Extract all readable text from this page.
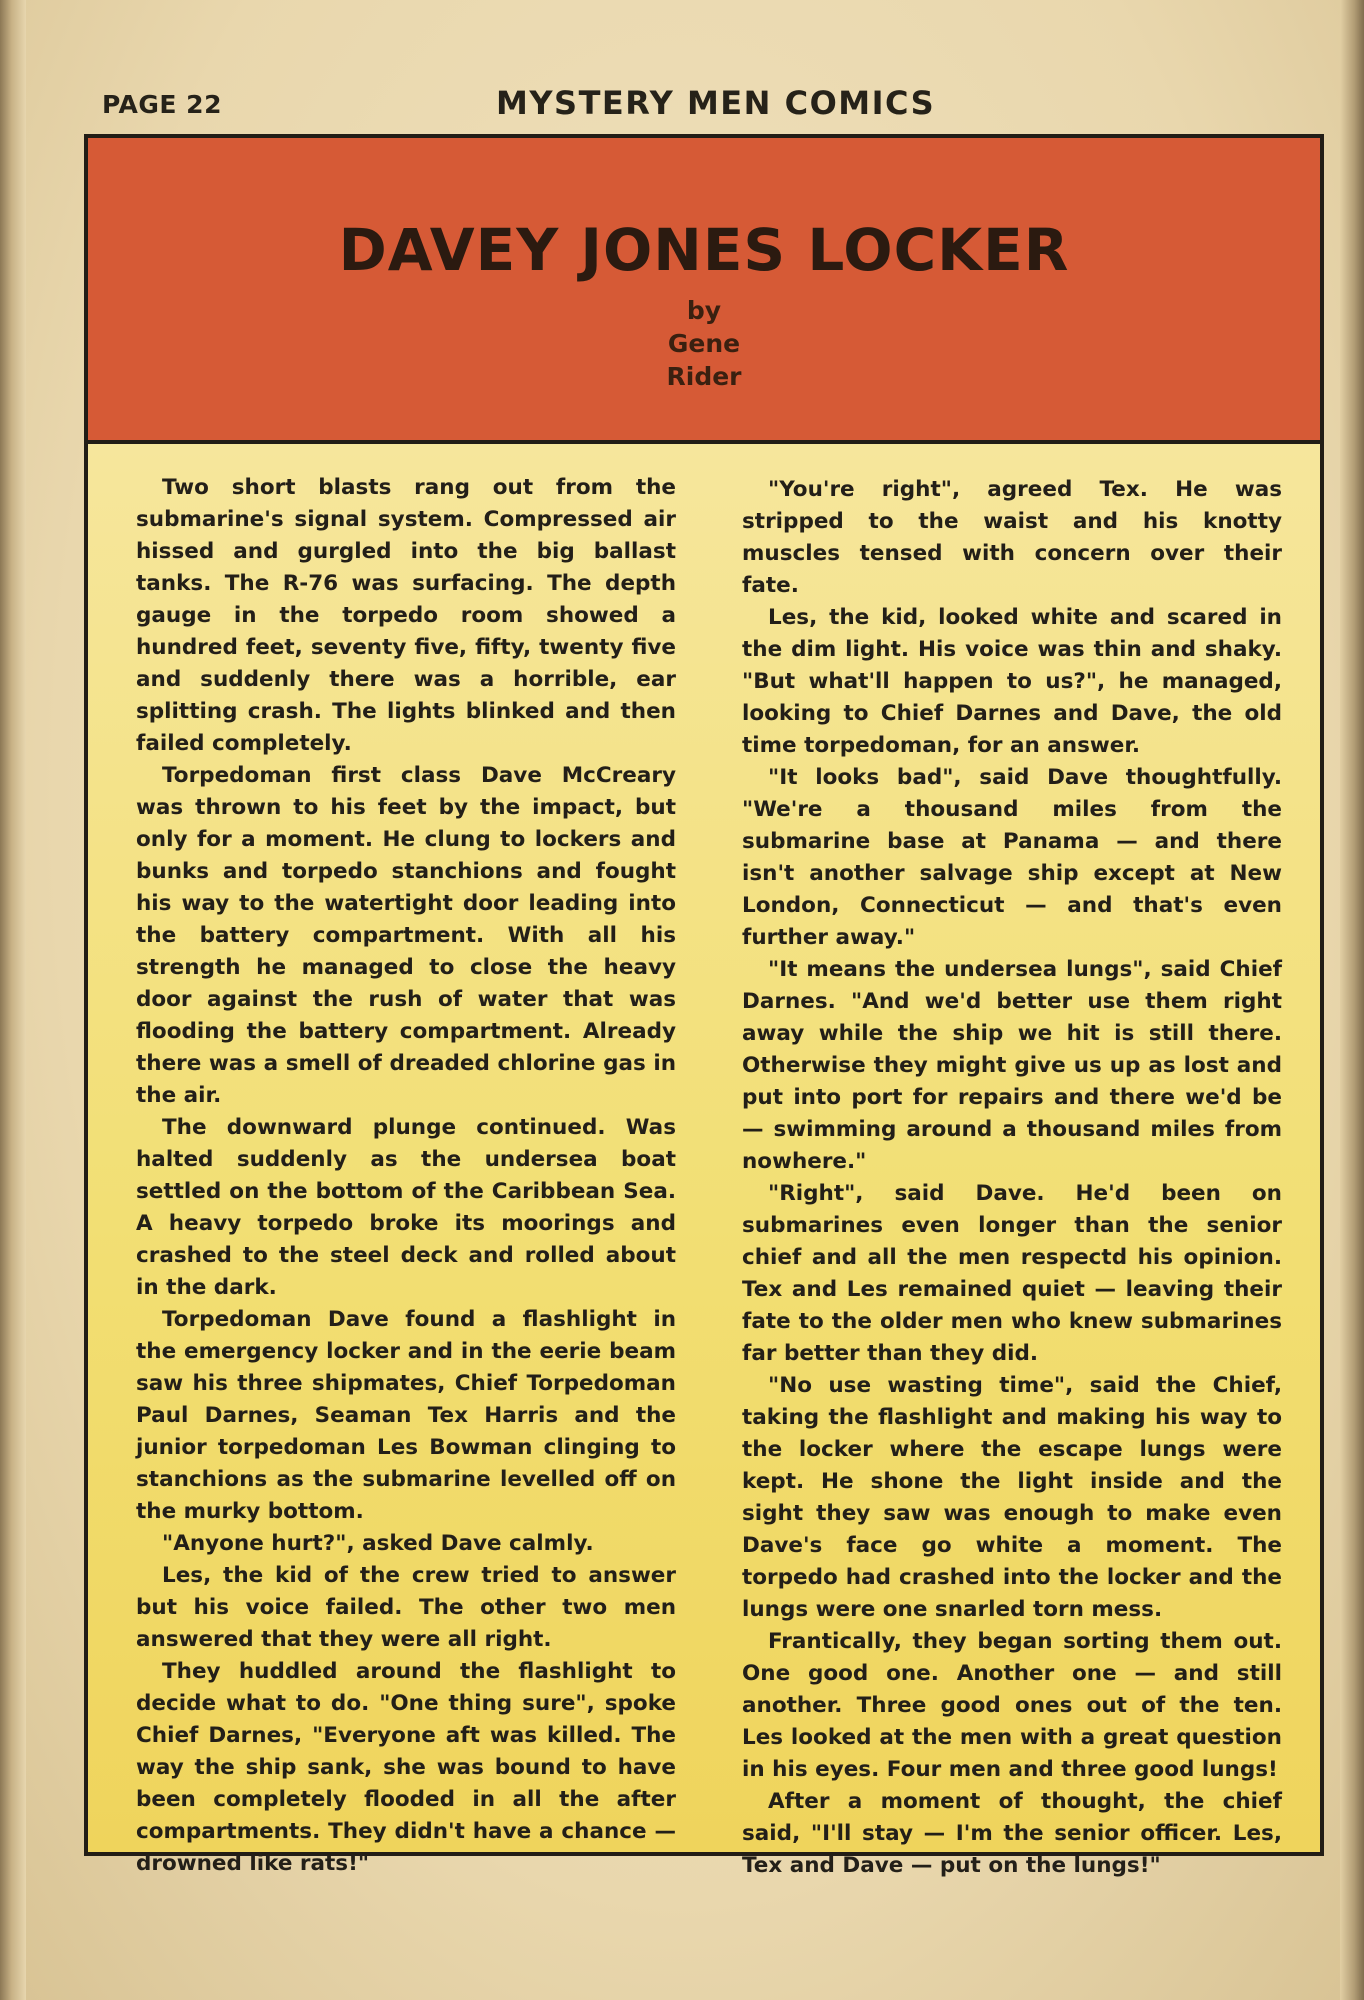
PAGE 22	MYSTERY MEN COMICS
DAVEY JONES LOCKER
by
Gene
Rider

Two short blasts rang out from the submarine's signal system. Compressed air hissed and gurgled into the big ballast tanks. The R-76 was surfacing. The depth gauge in the torpedo room showed a hundred feet, seventy five, fifty, twenty five and suddenly there was a horrible, ear splitting crash. The lights blinked and then failed completely.

Torpedoman first class Dave McCreary was thrown to his feet by the impact, but only for a moment. He clung to lockers and bunks and torpedo stanchions and fought his way to the watertight door leading into the battery compartment. With all his strength he managed to close the heavy door against the rush of water that was flooding the battery compartment. Already there was a smell of dreaded chlorine gas in the air.

The downward plunge continued. Was halted suddenly as the undersea boat settled on the bottom of the Caribbean Sea. A heavy torpedo broke its moorings and crashed to the steel deck and rolled about in the dark.

Torpedoman Dave found a flashlight in the emergency locker and in the eerie beam saw his three shipmates, Chief Torpedoman Paul Darnes, Seaman Tex Harris and the junior torpedoman Les Bowman clinging to stanchions as the submarine levelled off on the murky bottom.

"Anyone hurt?", asked Dave calmly.

Les, the kid of the crew tried to answer but his voice failed. The other two men answered that they were all right.

They huddled around the flashlight to decide what to do. "One thing sure", spoke Chief Darnes, "Everyone aft was killed. The way the ship sank, she was bound to have been completely flooded in all the after compartments. They didn't have a chance — drowned like rats!"

"You're right", agreed Tex. He was stripped to the waist and his knotty muscles tensed with concern over their fate.

Les, the kid, looked white and scared in the dim light. His voice was thin and shaky. "But what'll happen to us?", he managed, looking to Chief Darnes and Dave, the old time torpedoman, for an answer.

"It looks bad", said Dave thoughtfully. "We're a thousand miles from the submarine base at Panama — and there isn't another salvage ship except at New London, Connecticut — and that's even further away."

"It means the undersea lungs", said Chief Darnes. "And we'd better use them right away while the ship we hit is still there. Otherwise they might give us up as lost and put into port for repairs and there we'd be — swimming around a thousand miles from nowhere."

"Right", said Dave. He'd been on submarines even longer than the senior chief and all the men respectd his opinion. Tex and Les remained quiet — leaving their fate to the older men who knew submarines far better than they did.

"No use wasting time", said the Chief, taking the flashlight and making his way to the locker where the escape lungs were kept. He shone the light inside and the sight they saw was enough to make even Dave's face go white a moment. The torpedo had crashed into the locker and the lungs were one snarled torn mess.

Frantically, they began sorting them out. One good one. Another one — and still another. Three good ones out of the ten. Les looked at the men with a great question in his eyes. Four men and three good lungs!

After a moment of thought, the chief said, "I'll stay — I'm the senior officer. Les, Tex and Dave — put on the lungs!"
